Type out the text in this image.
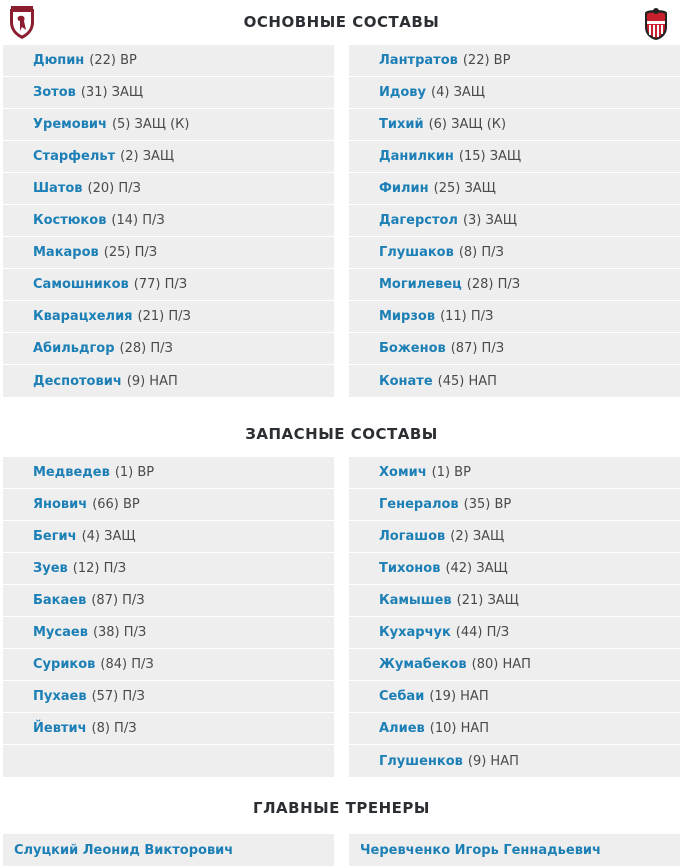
ОСНОВНЫЕ СОСТАВЫ
ЗАПАСНЫЕ СОСТАВЫ
ГЛАВНЫЕ ТРЕНЕРЫ
Дюпин (22) ВР
Зотов (31) ЗАЩ
Уремович (5) ЗАЩ (К)
Старфельт (2) ЗАЩ
Шатов (20) П/З
Костюков (14) П/З
Макаров (25) П/З
Самошников (77) П/З
Кварацхелия (21) П/З
Абильдгор (28) П/З
Деспотович (9) НАП
Лантратов (22) ВР
Идову (4) ЗАЩ
Тихий (6) ЗАЩ (К)
Данилкин (15) ЗАЩ
Филин (25) ЗАЩ
Дагерстол (3) ЗАЩ
Глушаков (8) П/З
Могилевец (28) П/З
Мирзов (11) П/З
Боженов (87) П/З
Конате (45) НАП
Медведев (1) ВР
Янович (66) ВР
Бегич (4) ЗАЩ
Зуев (12) П/З
Бакаев (87) П/З
Мусаев (38) П/З
Суриков (84) П/З
Пухаев (57) П/З
Йевтич (8) П/З
Хомич (1) ВР
Генералов (35) ВР
Логашов (2) ЗАЩ
Тихонов (42) ЗАЩ
Камышев (21) ЗАЩ
Кухарчук (44) П/З
Жумабеков (80) НАП
Себаи (19) НАП
Алиев (10) НАП
Глушенков (9) НАП
Слуцкий Леонид Викторович	Черевченко Игорь Геннадьевич
